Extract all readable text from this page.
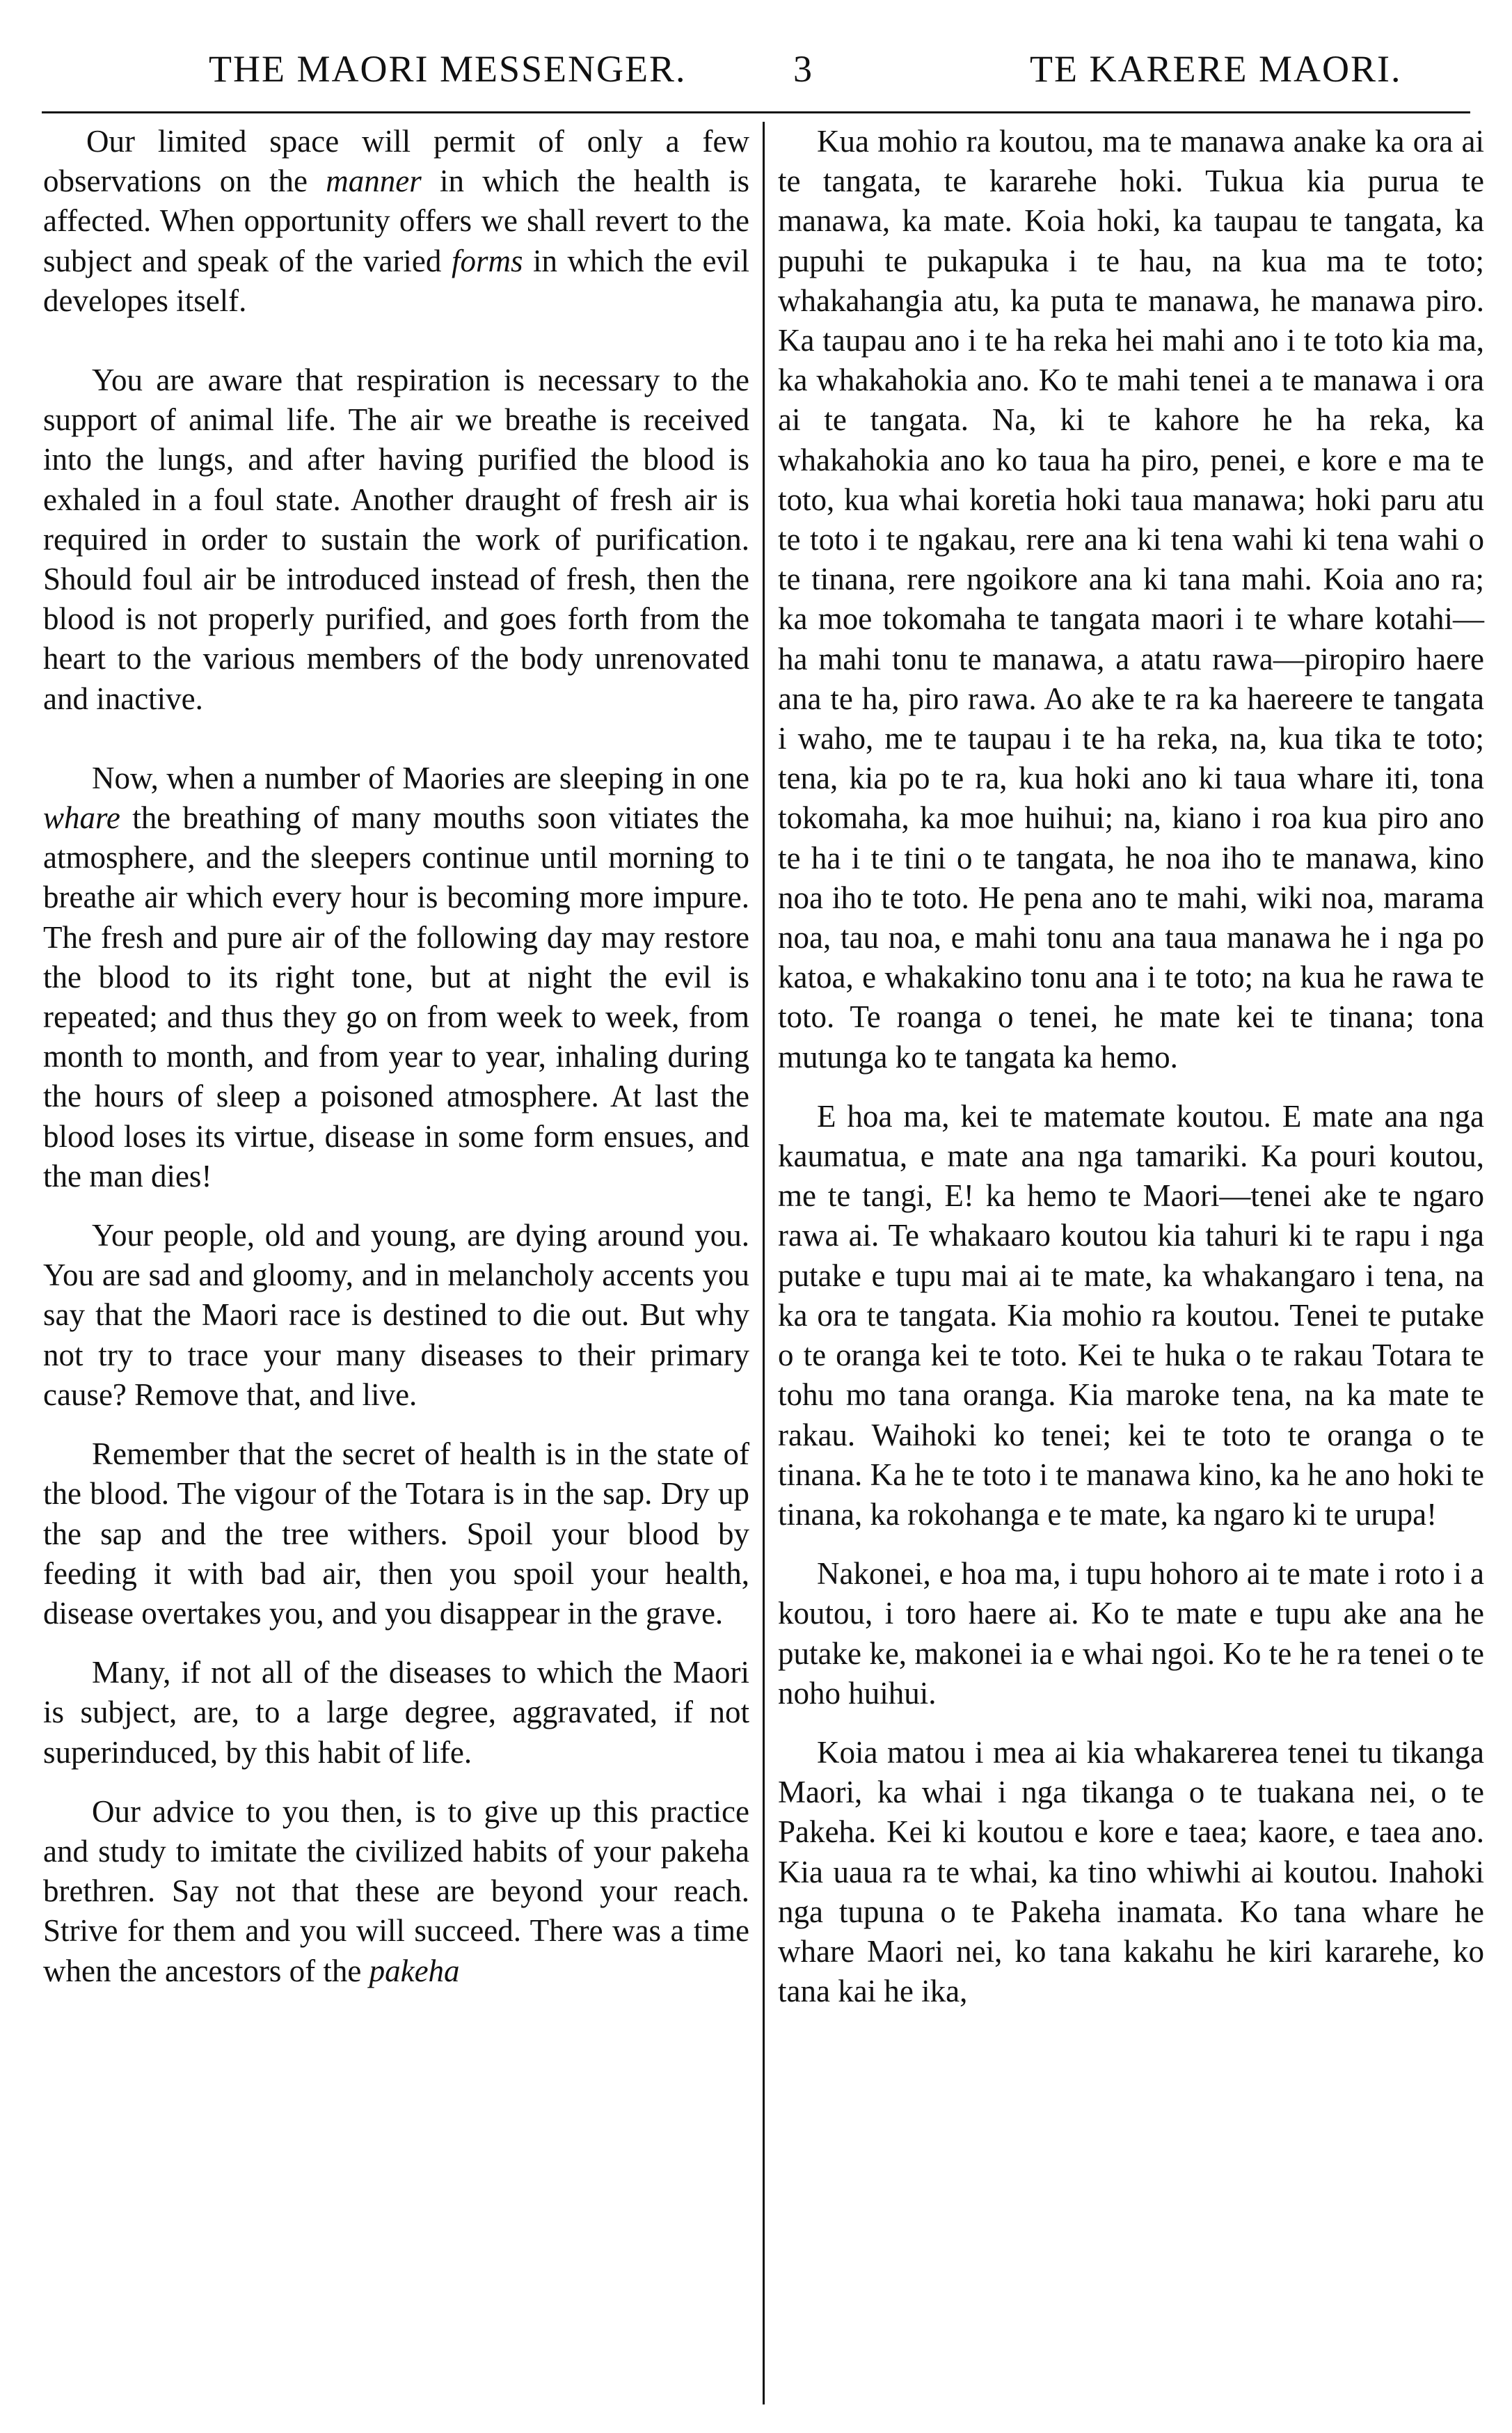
THE MAORI MESSENGER.	3	TE KARERE MAORI.

Our limited space will permit of only a few observations on the manner in which the health is affected. When opportunity offers we shall revert to the subject and speak of the varied forms in which the evil developes itself.

You are aware that respiration is necessary to the support of animal life. The air we breathe is received into the lungs, and after having purified the blood is exhaled in a foul state. Another draught of fresh air is required in order to sustain the work of purification. Should foul air be introduced instead of fresh, then the blood is not properly purified, and goes forth from the heart to the various members of the body unrenovated and inactive.

Now, when a number of Maories are sleeping in one whare the breathing of many mouths soon vitiates the atmosphere, and the sleepers continue until morning to breathe air which every hour is becoming more impure. The fresh and pure air of the following day may restore the blood to its right tone, but at night the evil is repeated; and thus they go on from week to week, from month to month, and from year to year, inhaling during the hours of sleep a poisoned atmosphere. At last the blood loses its virtue, disease in some form ensues, and the man dies!

Your people, old and young, are dying around you. You are sad and gloomy, and in melancholy accents you say that the Maori race is destined to die out. But why not try to trace your many diseases to their primary cause? Remove that, and live.

Remember that the secret of health is in the state of the blood. The vigour of the Totara is in the sap. Dry up the sap and the tree withers. Spoil your blood by feeding it with bad air, then you spoil your health, disease overtakes you, and you disappear in the grave.

Many, if not all of the diseases to which the Maori is subject, are, to a large degree, aggravated, if not superinduced, by this habit of life.

Our advice to you then, is to give up this practice and study to imitate the civilized habits of your pakeha brethren. Say not that these are beyond your reach. Strive for them and you will succeed. There was a time when the ancestors of the pakeha

Kua mohio ra koutou, ma te manawa anake ka ora ai te tangata, te kararehe hoki. Tukua kia purua te manawa, ka mate. Koia hoki, ka taupau te tangata, ka pupuhi te pukapuka i te hau, na kua ma te toto; whakahangia atu, ka puta te manawa, he manawa piro. Ka taupau ano i te ha reka hei mahi ano i te toto kia ma, ka whakahokia ano. Ko te mahi tenei a te manawa i ora ai te tangata. Na, ki te kahore he ha reka, ka whakahokia ano ko taua ha piro, penei, e kore e ma te toto, kua whai koretia hoki taua manawa; hoki paru atu te toto i te ngakau, rere ana ki tena wahi ki tena wahi o te tinana, rere ngoikore ana ki tana mahi. Koia ano ra; ka moe tokomaha te tangata maori i te whare kotahi—ha mahi tonu te manawa, a atatu rawa—piropiro haere ana te ha, piro rawa. Ao ake te ra ka haereere te tangata i waho, me te taupau i te ha reka, na, kua tika te toto; tena, kia po te ra, kua hoki ano ki taua whare iti, tona tokomaha, ka moe huihui; na, kiano i roa kua piro ano te ha i te tini o te tangata, he noa iho te manawa, kino noa iho te toto. He pena ano te mahi, wiki noa, marama noa, tau noa, e mahi tonu ana taua manawa he i nga po katoa, e whakakino tonu ana i te toto; na kua he rawa te toto. Te roanga o tenei, he mate kei te tinana; tona mutunga ko te tangata ka hemo.

E hoa ma, kei te matemate koutou. E mate ana nga kaumatua, e mate ana nga tamariki. Ka pouri koutou, me te tangi, E! ka hemo te Maori—tenei ake te ngaro rawa ai. Te whakaaro koutou kia tahuri ki te rapu i nga putake e tupu mai ai te mate, ka whakangaro i tena, na ka ora te tangata. Kia mohio ra koutou. Tenei te putake o te oranga kei te toto. Kei te huka o te rakau Totara te tohu mo tana oranga. Kia maroke tena, na ka mate te rakau. Waihoki ko tenei; kei te toto te oranga o te tinana. Ka he te toto i te manawa kino, ka he ano hoki te tinana, ka rokohanga e te mate, ka ngaro ki te urupa!

Nakonei, e hoa ma, i tupu hohoro ai te mate i roto i a koutou, i toro haere ai. Ko te mate e tupu ake ana he putake ke, makonei ia e whai ngoi. Ko te he ra tenei o te noho huihui.

Koia matou i mea ai kia whakarerea tenei tu tikanga Maori, ka whai i nga tikanga o te tuakana nei, o te Pakeha. Kei ki koutou e kore e taea; kaore, e taea ano. Kia uaua ra te whai, ka tino whiwhi ai koutou. Inahoki nga tupuna o te Pakeha inamata. Ko tana whare he whare Maori nei, ko tana kakahu he kiri kararehe, ko tana kai he ika,
